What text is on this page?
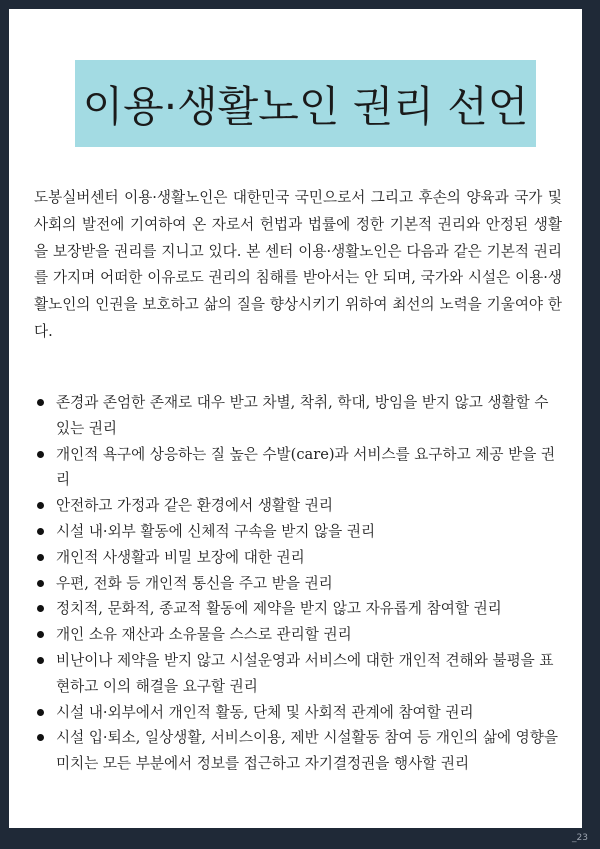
이용·생활노인 권리 선언

도봉실버센터 이용·생활노인은 대한민국 국민으로서 그리고 후손의 양육과 국가 및 사회의 발전에 기여하여 온 자로서 헌법과 법률에 정한 기본적 권리와 안정된 생활을 보장받을 권리를 지니고 있다. 본 센터 이용·생활노인은 다음과 같은 기본적 권리를 가지며 어떠한 이유로도 권리의 침해를 받아서는 안 되며, 국가와 시설은 이용·생활노인의 인권을 보호하고 삶의 질을 향상시키기 위하여 최선의 노력을 기울여야 한다.

존경과 존엄한 존재로 대우 받고 차별, 착취, 학대, 방임을 받지 않고 생활할 수 있는 권리
개인적 욕구에 상응하는 질 높은 수발(care)과 서비스를 요구하고 제공 받을 권리
안전하고 가정과 같은 환경에서 생활할 권리
시설 내·외부 활동에 신체적 구속을 받지 않을 권리
개인적 사생활과 비밀 보장에 대한 권리
우편, 전화 등 개인적 통신을 주고 받을 권리
정치적, 문화적, 종교적 활동에 제약을 받지 않고 자유롭게 참여할 권리
개인 소유 재산과 소유물을 스스로 관리할 권리
비난이나 제약을 받지 않고 시설운영과 서비스에 대한 개인적 견해와 불평을 표현하고 이의 해결을 요구할 권리
시설 내·외부에서 개인적 활동, 단체 및 사회적 관계에 참여할 권리
시설 입·퇴소, 일상생활, 서비스이용, 제반 시설활동 참여 등 개인의 삶에 영향을 미치는 모든 부분에서 정보를 접근하고 자기결정권을 행사할 권리
_23
